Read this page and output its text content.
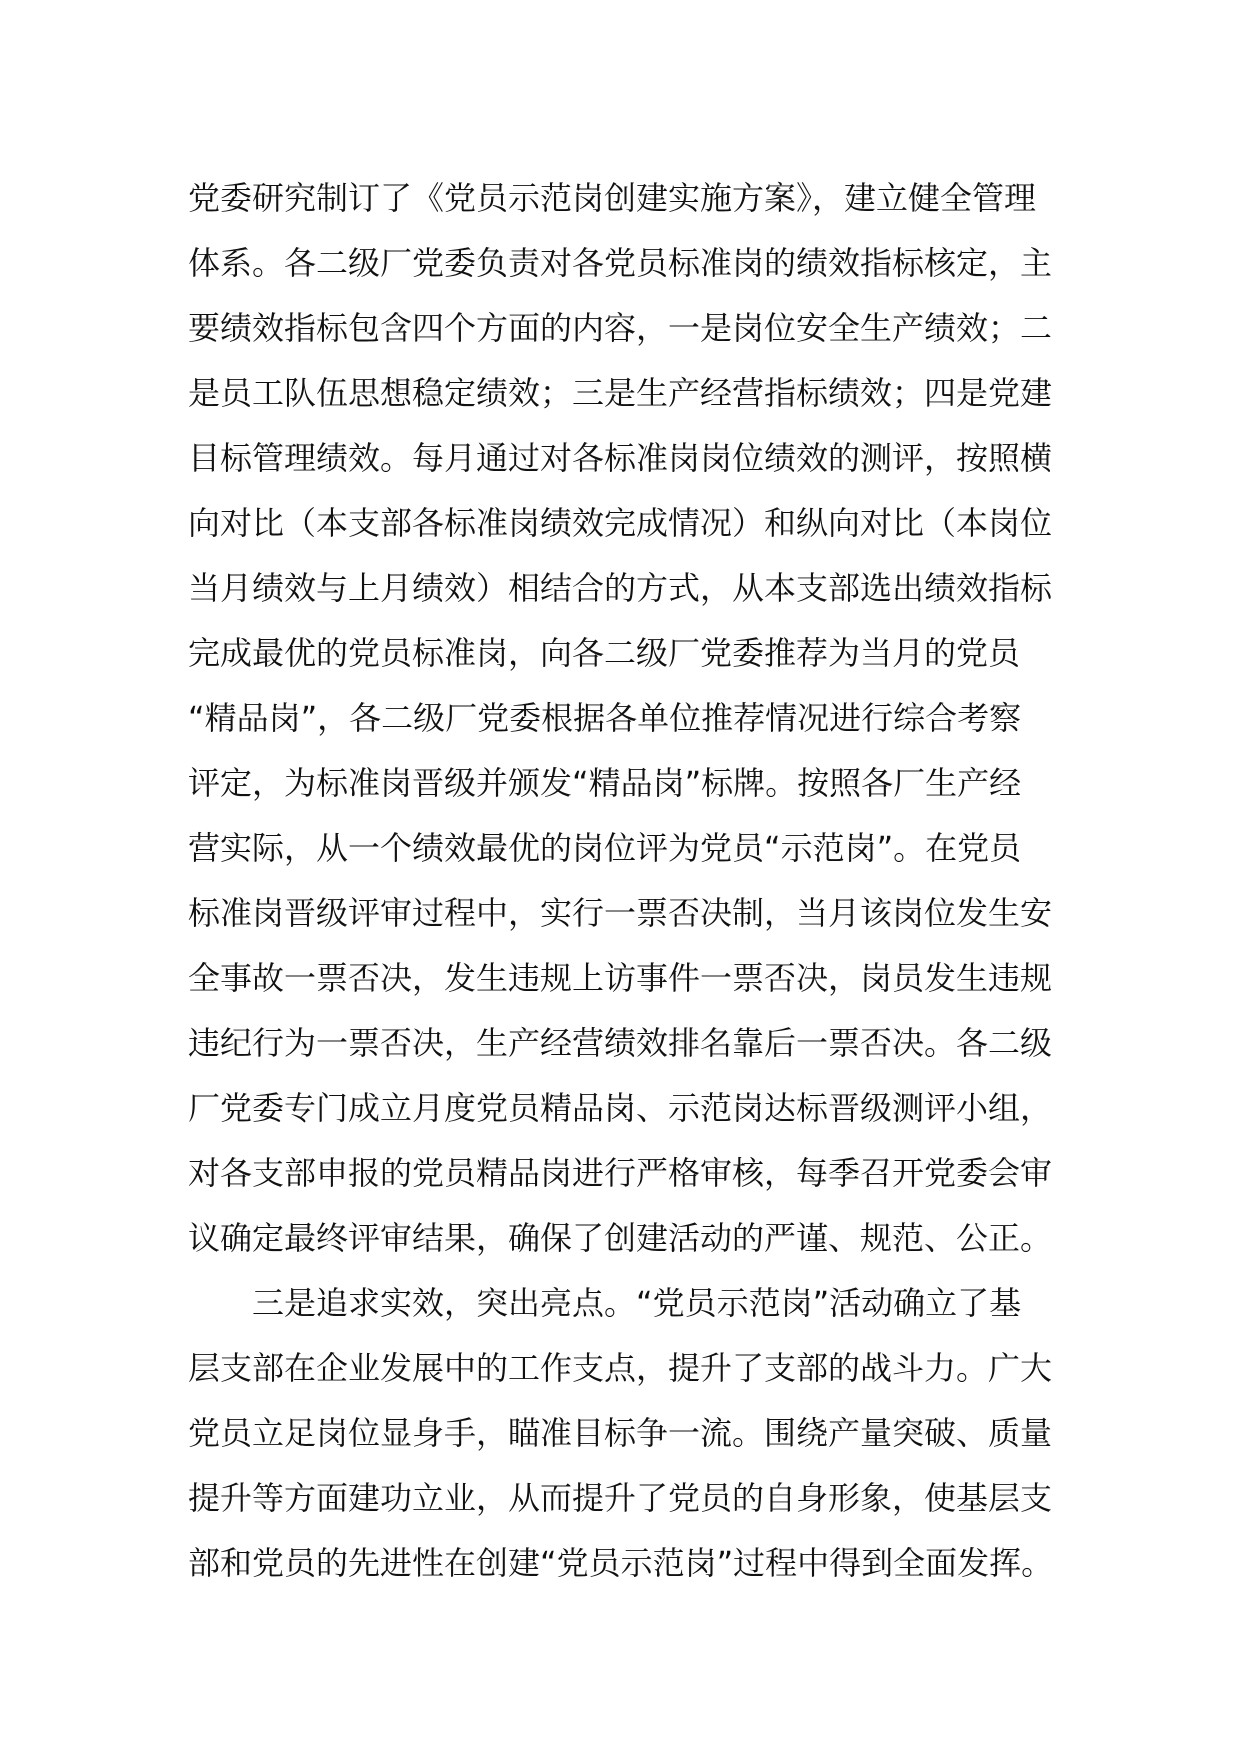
党委研究制订了《党员示范岗创建实施方案》，建立健全管理
体系。各二级厂党委负责对各党员标准岗的绩效指标核定，主
要绩效指标包含四个方面的内容，一是岗位安全生产绩效；二
是员工队伍思想稳定绩效；三是生产经营指标绩效；四是党建
目标管理绩效。每月通过对各标准岗岗位绩效的测评，按照横
向对比（本支部各标准岗绩效完成情况）和纵向对比（本岗位
当月绩效与上月绩效）相结合的方式，从本支部选出绩效指标
完成最优的党员标准岗，向各二级厂党委推荐为当月的党员
“精品岗”，各二级厂党委根据各单位推荐情况进行综合考察
评定，为标准岗晋级并颁发“精品岗”标牌。按照各厂生产经
营实际，从一个绩效最优的岗位评为党员“示范岗”。在党员
标准岗晋级评审过程中，实行一票否决制，当月该岗位发生安
全事故一票否决，发生违规上访事件一票否决，岗员发生违规
违纪行为一票否决，生产经营绩效排名靠后一票否决。各二级
厂党委专门成立月度党员精品岗、示范岗达标晋级测评小组，
对各支部申报的党员精品岗进行严格审核，每季召开党委会审
议确定最终评审结果，确保了创建活动的严谨、规范、公正。
三是追求实效，突出亮点。“党员示范岗”活动确立了基
层支部在企业发展中的工作支点，提升了支部的战斗力。广大
党员立足岗位显身手，瞄准目标争一流。围绕产量突破、质量
提升等方面建功立业，从而提升了党员的自身形象，使基层支
部和党员的先进性在创建“党员示范岗”过程中得到全面发挥。
